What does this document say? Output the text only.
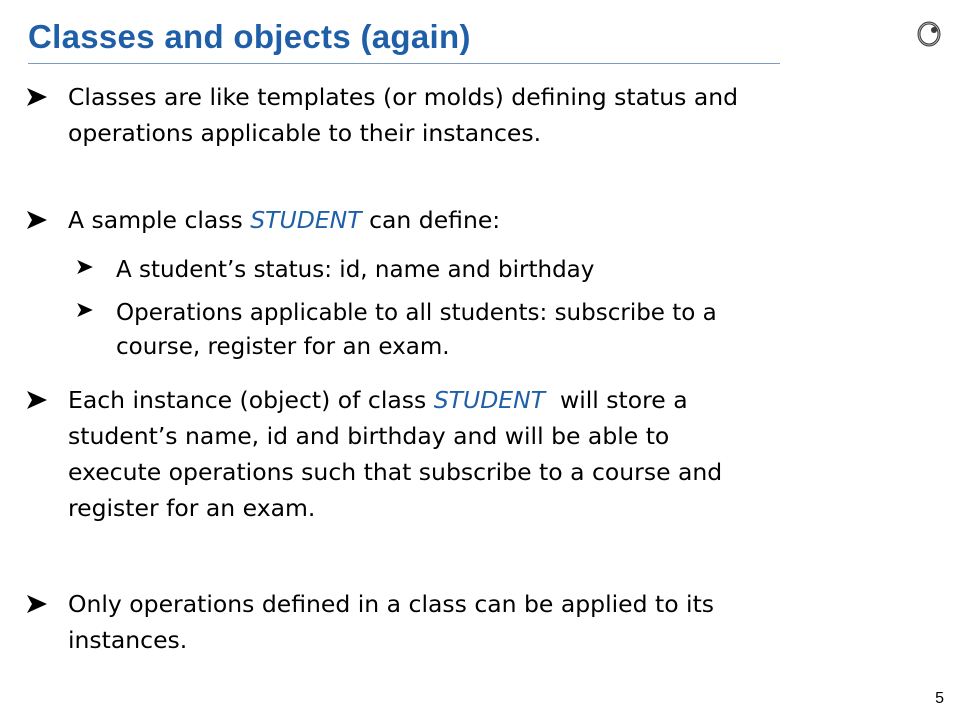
Classes and objects (again)
Classes are like templates (or molds) defining status and
operations applicable to their instances.
A sample class STUDENT can define:
A student’s status: id, name and birthday
Operations applicable to all students: subscribe to a
course, register for an exam.
Each instance (object) of class STUDENT  will store a
student’s name, id and birthday and will be able to
execute operations such that subscribe to a course and
register for an exam.
Only operations defined in a class can be applied to its
instances.
5
